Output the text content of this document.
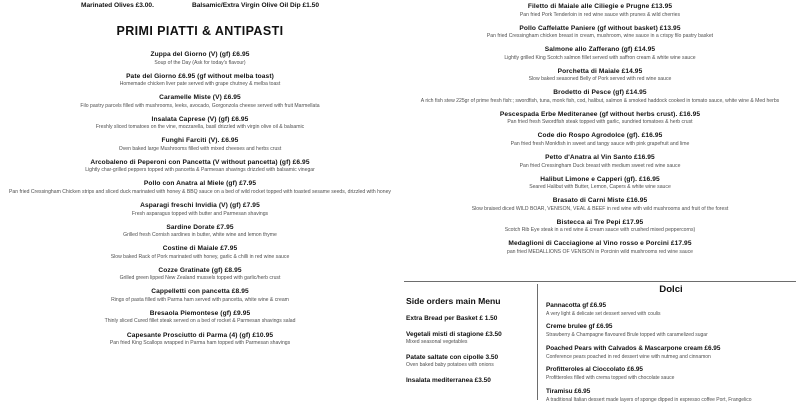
Marinated Olives £3.00.	Balsamic/Extra Virgin Olive Oil Dip £1.50
PRIMI PIATTI & ANTIPASTI
Zuppa del Giorno (V) (gf) £6.95
Soup of the Day (Ask for today's flavour)
Pate del Giorno £6.95 (gf without melba toast)
Homemade chicken liver pate served with grape chutney & melba toast
Caramelle Miste (V) £6.95
Filo pastry parcels filled with mushrooms, leeks, avocado, Gorgonzola cheese served with fruit Marmellata
Insalata Caprese (V) (gf) £6.95
Freshly sliced tomatoes on the vine, mozzarella, basil drizzled with virgin olive oil & balsamic
Funghi Farciti (V). £6.95
Oven baked large Mushrooms filled with mixed cheeses and herbs crust
Arcobaleno di Peperoni con Pancetta (V without pancetta) (gf) £6.95
Lightly char-grilled peppers topped with pancetta & Parmesan shavings drizzled with balsamic vinegar
Pollo con Anatra al Miele (gf) £7.95
Pan fried Cressingham Chicken strips and sliced duck marinated with honey & BBQ sauce on a bed of wild rocket topped with toasted sesame seeds, drizzled with honey
Asparagi freschi Invidia (V) (gf) £7.95
Fresh asparagus topped with butter and Parmesan shavings
Sardine Dorate £7.95
Grilled fresh Cornish sardines in butter, white wine and lemon thyme
Costine di Maiale £7.95
Slow baked Rack of Pork marinated with honey, garlic & chilli in red wine sauce
Cozze Gratinate (gf) £8.95
Grilled green lipped New Zealand mussels topped with garlic/herb crust
Cappelletti con pancetta £8.95
Rings of pasta filled with Parma ham served with pancetta, white wine & cream
Bresaola Piemontese (gf) £9.95
Thinly sliced Cured fillet steak served on a bed of rocket & Parmesan shavings salad
Capesante Prosciutto di Parma (4) (gf) £10.95
Pan fried King Scallops wrapped in Parma ham topped with Parmesan shavings
Filetto di Maiale alle Ciliegie e Prugne £13.95
Pan fried Pork Tenderloin in red wine sauce with prunes & wild cherries
Pollo Caffelatte Paniere (gf without basket) £13.95
Pan fried Cressingham chicken breast in cream, mushroom, wine sauce in a crispy filo pastry basket
Salmone allo Zafferano (gf) £14.95
Lightly grilled King Scotch salmon fillet served with saffron cream & white wine sauce
Porchetta di Maiale £14.95
Slow baked seasoned Belly of Pork served with red wine sauce
Brodetto di Pesce (gf) £14.95
A rich fish stew 225gr of prime fresh fish:; swordfish, tuna, monk fish, cod, halibut, salmon & smoked haddock cooked in tomato sauce, white wine & Med herbs
Pescespada Erbe Mediteranee (gf without herbs crust). £16.95
Pan fried fresh Swordfish steak topped with garlic, sundried tomatoes & herb crust
Code dio Rospo Agrodolce (gf). £16.95
Pan fried fresh Monkfish in sweet and tangy sauce with pink grapefruit and lime
Petto d'Anatra al Vin Santo £16.95
Pan fried Cressingham Duck breast with medium sweet red wine sauce
Halibut Limone e Capperi (gf). £16.95
Seared Halibut with Butter, Lemon, Capers & white wine sauce
Brasato di Carni Miste £16.95
Slow braised diced WILD BOAR, VENISON, VEAL & BEEF in red wine with wild mushrooms and fruit of the forest
Bistecca ai Tre Pepi £17.95
Scotch Rib Eye steak in a red wine & cream sauce with crushed mixed peppercorns)
Medaglioni di Cacciagione al Vino rosso e Porcini £17.95
pan fried MEDALLIONS OF VENISON in Porcinin wild mushrooms red wine sauce
Side orders main Menu
Extra Bread per Basket £ 1.50
Vegetali misti di stagione £3.50
Mixed seasonal vegetables
Patate saltate con cipolle 3.50
Oven baked baby potatoes with onions
Insalata mediterranea £3.50
Dolci
Pannacotta gf £6.95
A very light & delicate set dessert served with coulis
Creme brulee gf £6.95
Strawberry & Champagne flavoured Brule topped with caramelized sugar
Poached Pears with Calvados & Mascarpone cream £6.95
Conference pears poached in red dessert wine with nutmeg and cinnamon
Profitteroles al Cioccolato £6.95
Profitteroles filled with crema topped with chocolate sauce
Tiramisu £6.95
A traditional Italian dessert made layers of sponge dipped in espresso coffee Port, Frangelico
